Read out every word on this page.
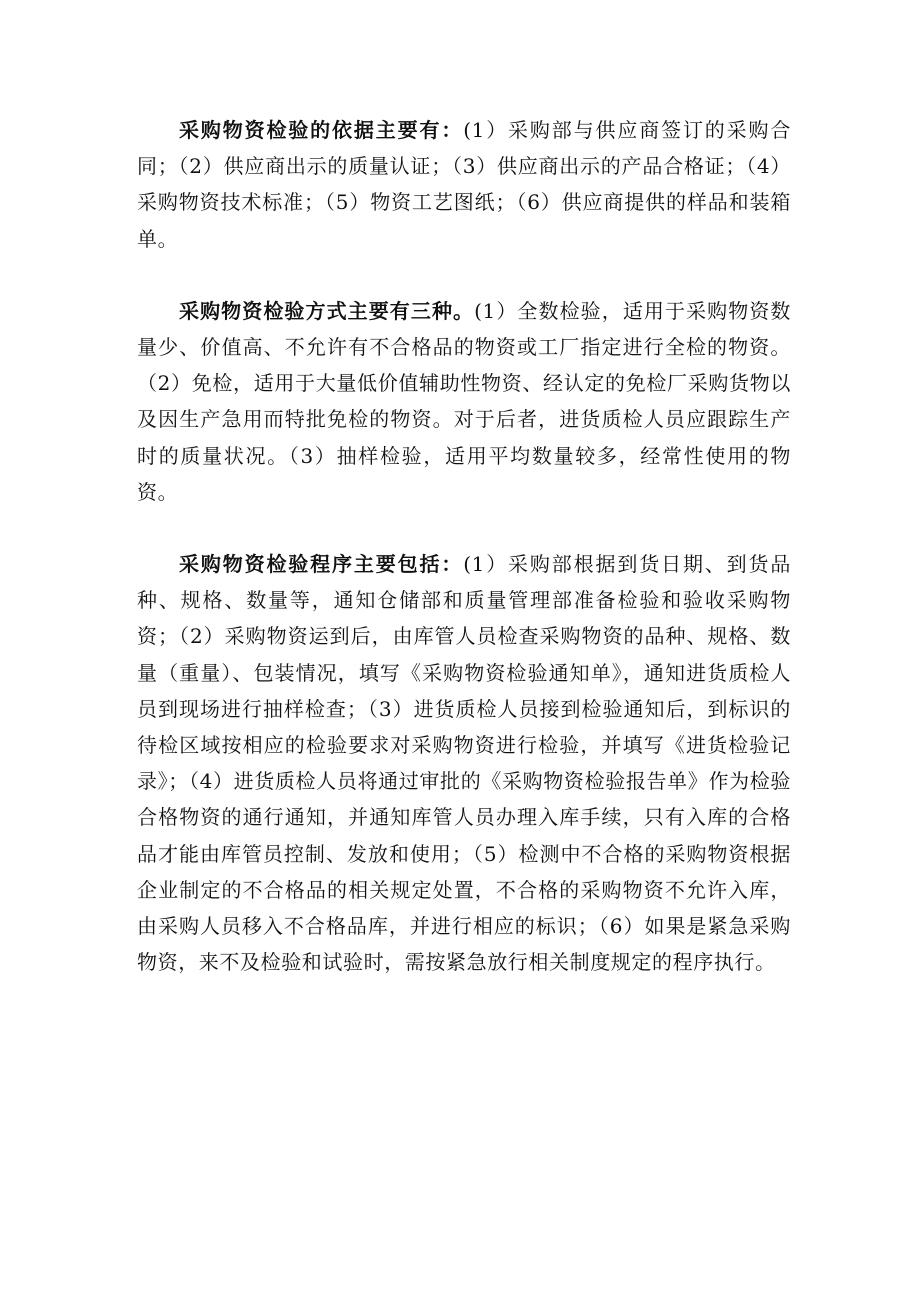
采购物资检验的依据主要有：(1）采购部与供应商签订的采购合同；（2）供应商出示的质量认证；（3）供应商出示的产品合格证；（4）采购物资技术标准；（5）物资工艺图纸；（6）供应商提供的样品和装箱单。

采购物资检验方式主要有三种。(1）全数检验，适用于采购物资数量少、价值高、不允许有不合格品的物资或工厂指定进行全检的物资。（2）免检，适用于大量低价值辅助性物资、经认定的免检厂采购货物以及因生产急用而特批免检的物资。对于后者，进货质检人员应跟踪生产时的质量状况。（3）抽样检验，适用平均数量较多，经常性使用的物资。

采购物资检验程序主要包括：(1）采购部根据到货日期、到货品种、规格、数量等，通知仓储部和质量管理部准备检验和验收采购物资；（2）采购物资运到后，由库管人员检查采购物资的品种、规格、数量（重量）、包装情况，填写《采购物资检验通知单》，通知进货质检人员到现场进行抽样检查；（3）进货质检人员接到检验通知后，到标识的待检区域按相应的检验要求对采购物资进行检验，并填写《进货检验记录》；（4）进货质检人员将通过审批的《采购物资检验报告单》作为检验合格物资的通行通知，并通知库管人员办理入库手续，只有入库的合格品才能由库管员控制、发放和使用；（5）检测中不合格的采购物资根据企业制定的不合格品的相关规定处置，不合格的采购物资不允许入库，由采购人员移入不合格品库，并进行相应的标识；（6）如果是紧急采购物资，来不及检验和试验时，需按紧急放行相关制度规定的程序执行。
